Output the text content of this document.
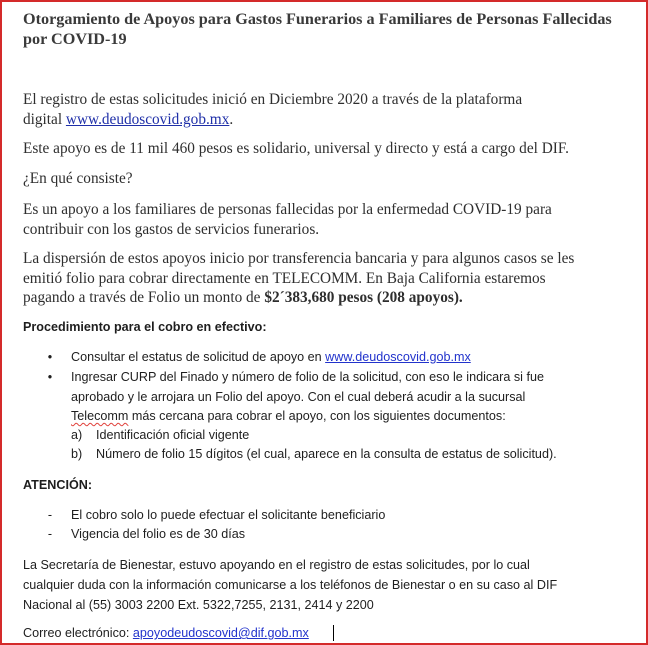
Otorgamiento de Apoyos para Gastos Funerarios a Familiares de Personas Fallecidas
por COVID-19

El registro de estas solicitudes inició en Diciembre 2020 a través de la plataforma
digital www.deudoscovid.gob.mx.

Este apoyo es de 11 mil 460 pesos es solidario, universal y directo y está a cargo del DIF.

¿En qué consiste?

Es un apoyo a los familiares de personas fallecidas por la enfermedad COVID-19 para
contribuir con los gastos de servicios funerarios.

La dispersión de estos apoyos inicio por transferencia bancaria y para algunos casos se les
emitió folio para cobrar directamente en TELECOMM. En Baja California estaremos
pagando a través de Folio un monto de $2´383,680 pesos (208 apoyos).

Procedimiento para el cobro en efectivo:

• Consultar el estatus de solicitud de apoyo en www.deudoscovid.gob.mx
• Ingresar CURP del Finado y número de folio de la solicitud, con eso le indicara si fue
aprobado y le arrojara un Folio del apoyo. Con el cual deberá acudir a la sucursal
Telecomm más cercana para cobrar el apoyo, con los siguientes documentos:
a) Identificación oficial vigente
b) Número de folio 15 dígitos (el cual, aparece en la consulta de estatus de solicitud).

ATENCIÓN:

- El cobro solo lo puede efectuar el solicitante beneficiario
- Vigencia del folio es de 30 días

La Secretaría de Bienestar, estuvo apoyando en el registro de estas solicitudes, por lo cual
cualquier duda con la información comunicarse a los teléfonos de Bienestar o en su caso al DIF
Nacional al (55) 3003 2200 Ext. 5322,7255, 2131, 2414 y 2200

Correo electrónico: apoyodeudoscovid@dif.gob.mx
